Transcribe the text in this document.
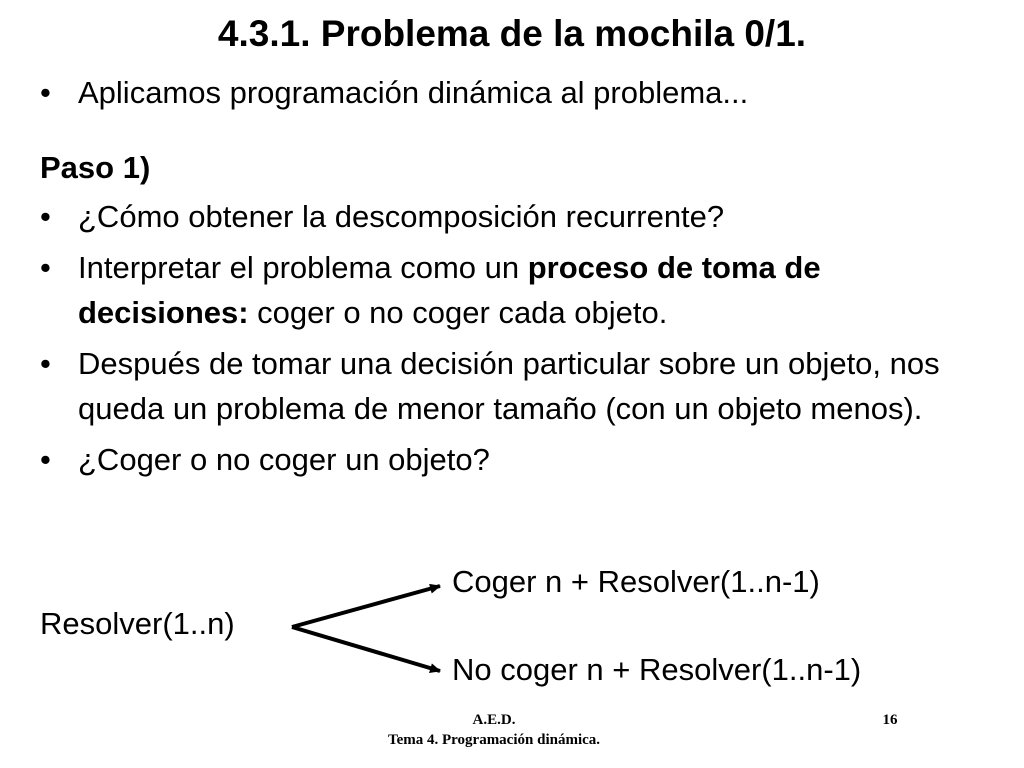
4.3.1. Problema de la mochila 0/1.

• Aplicamos programación dinámica al problema...

Paso 1)

• ¿Cómo obtener la descomposición recurrente?

• Interpretar el problema como un proceso de toma de decisiones: coger o no coger cada objeto.

• Después de tomar una decisión particular sobre un objeto, nos queda un problema de menor tamaño (con un objeto menos).

• ¿Coger o no coger un objeto?

Resolver(1..n)
Coger n + Resolver(1..n-1)
No coger n + Resolver(1..n-1)
A.E.D.
Tema 4. Programación dinámica.
16
